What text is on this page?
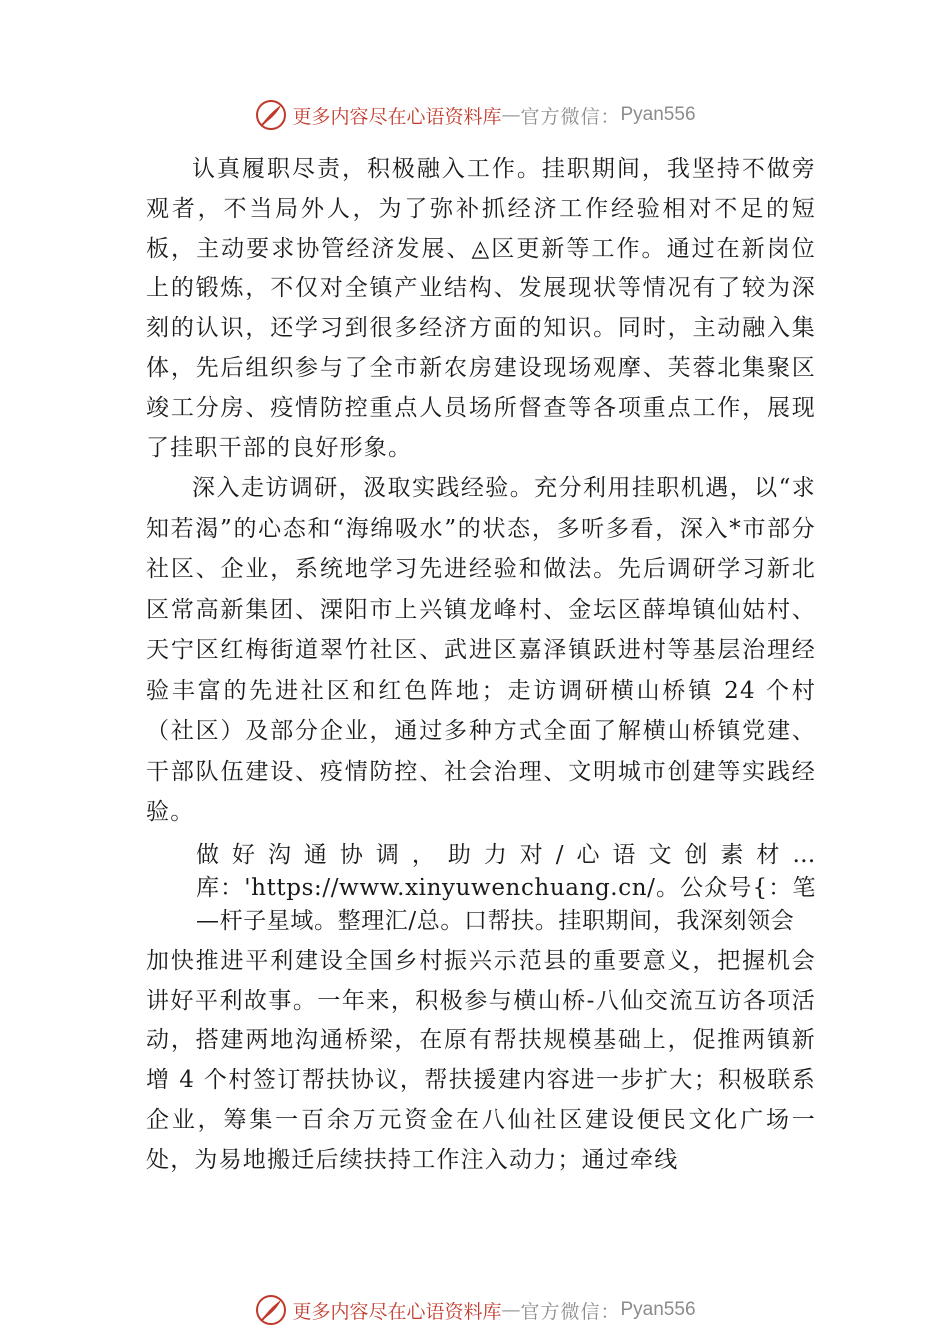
更多内容尽在心语资料库 — 官方微信： Pyan556

认真履职尽责，积极融入工作。挂职期间，我坚持不做旁观者，不当局外人，为了弥补抓经济工作经验相对不足的短板，主动要求协管经济发展、◬区更新等工作。通过在新岗位上的锻炼，不仅对全镇产业结构、发展现状等情况有了较为深刻的认识，还学习到很多经济方面的知识。同时，主动融入集体，先后组织参与了全市新农房建设现场观摩、芙蓉北集聚区竣工分房、疫情防控重点人员场所督查等各项重点工作，展现了挂职干部的良好形象。

深入走访调研，汲取实践经验。充分利用挂职机遇，以“求知若渴”的心态和“海绵吸水”的状态，多听多看，深入*市部分社区、企业，系统地学习先进经验和做法。先后调研学习新北区常高新集团、溧阳市上兴镇龙峰村、金坛区薛埠镇仙姑村、天宁区红梅街道翠竹社区、武进区嘉泽镇跃进村等基层治理经验丰富的先进社区和红色阵地；走访调研横山桥镇 24 个村（社区）及部分企业，通过多种方式全面了解横山桥镇党建、干部队伍建设、疫情防控、社会治理、文明城市创建等实践经验。

做好沟通协调，助力对/心语文创素材…库：'https://www.xinyuwenchuang.cn/。公众号{：笔—杆子星域。整理汇/总。口帮扶。挂职期间，我深刻领会

加快推进平利建设全国乡村振兴示范县的重要意义，把握机会讲好平利故事。一年来，积极参与横山桥-八仙交流互访各项活动，搭建两地沟通桥梁，在原有帮扶规模基础上，促推两镇新增 4 个村签订帮扶协议，帮扶援建内容进一步扩大；积极联系企业，筹集一百余万元资金在八仙社区建设便民文化广场一处，为易地搬迁后续扶持工作注入动力；通过牵线

更多内容尽在心语资料库 — 官方微信： Pyan556
